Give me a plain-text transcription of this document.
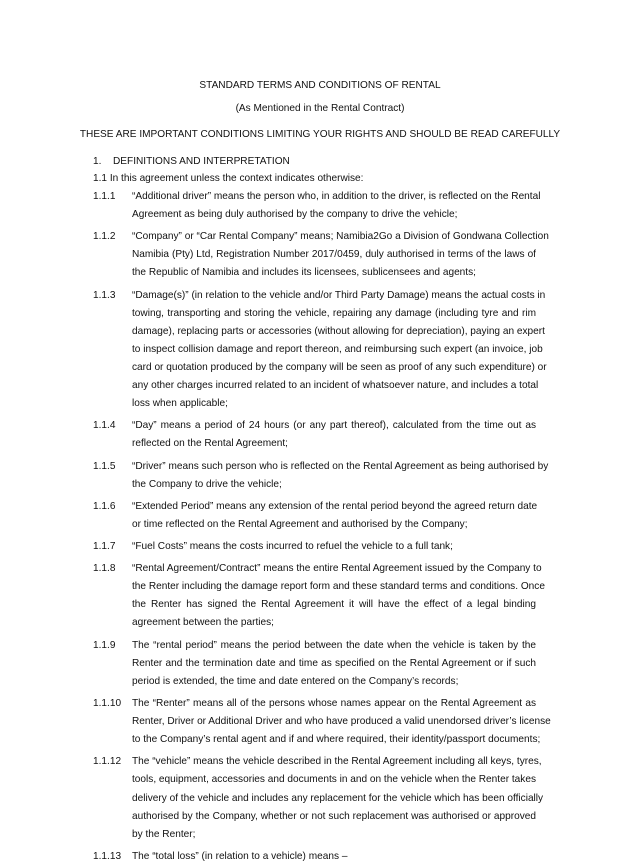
STANDARD TERMS AND CONDITIONS OF RENTAL
(As Mentioned in the Rental Contract)
THESE ARE IMPORTANT CONDITIONS LIMITING YOUR RIGHTS AND SHOULD BE READ CAREFULLY
1. DEFINITIONS AND INTERPRETATION
1.1 In this agreement unless the context indicates otherwise:
1.1.1 “Additional driver” means the person who, in addition to the driver, is reflected on the Rental
Agreement as being duly authorised by the company to drive the vehicle;
1.1.2 “Company” or “Car Rental Company” means; Namibia2Go a Division of Gondwana Collection
Namibia (Pty) Ltd, Registration Number 2017/0459, duly authorised in terms of the laws of
the Republic of Namibia and includes its licensees, sublicensees and agents;
1.1.3 “Damage(s)” (in relation to the vehicle and/or Third Party Damage) means the actual costs in
towing, transporting and storing the vehicle, repairing any damage (including tyre and rim
damage), replacing parts or accessories (without allowing for depreciation), paying an expert
to inspect collision damage and report thereon, and reimbursing such expert (an invoice, job
card or quotation produced by the company will be seen as proof of any such expenditure) or
any other charges incurred related to an incident of whatsoever nature, and includes a total
loss when applicable;
1.1.4 “Day” means a period of 24 hours (or any part thereof), calculated from the time out as
reflected on the Rental Agreement;
1.1.5 “Driver” means such person who is reflected on the Rental Agreement as being authorised by
the Company to drive the vehicle;
1.1.6 “Extended Period” means any extension of the rental period beyond the agreed return date
or time reflected on the Rental Agreement and authorised by the Company;
1.1.7 “Fuel Costs” means the costs incurred to refuel the vehicle to a full tank;
1.1.8 “Rental Agreement/Contract” means the entire Rental Agreement issued by the Company to
the Renter including the damage report form and these standard terms and conditions. Once
the Renter has signed the Rental Agreement it will have the effect of a legal binding
agreement between the parties;
1.1.9 The “rental period” means the period between the date when the vehicle is taken by the
Renter and the termination date and time as specified on the Rental Agreement or if such
period is extended, the time and date entered on the Company’s records;
1.1.10 The “Renter” means all of the persons whose names appear on the Rental Agreement as
Renter, Driver or Additional Driver and who have produced a valid unendorsed driver’s license
to the Company’s rental agent and if and where required, their identity/passport documents;
1.1.12 The “vehicle” means the vehicle described in the Rental Agreement including all keys, tyres,
tools, equipment, accessories and documents in and on the vehicle when the Renter takes
delivery of the vehicle and includes any replacement for the vehicle which has been officially
authorised by the Company, whether or not such replacement was authorised or approved
by the Renter;
1.1.13 The “total loss” (in relation to a vehicle) means –
